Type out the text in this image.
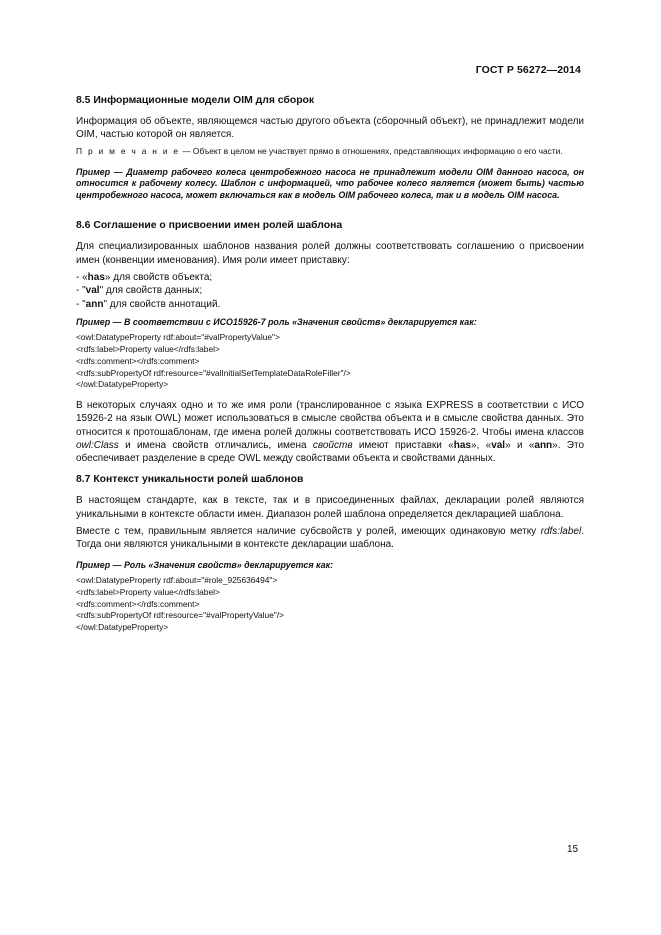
ГОСТ Р 56272—2014
8.5 Информационные модели OIM для сборок

Информация об объекте, являющемся частью другого объекта (сборочный объект), не принадлежит модели OIM, частью которой он является.

П р и м е ч а н и е — Объект в целом не участвует прямо в отношениях, представляющих информацию о его части.
Пример — Диаметр рабочего колеса центробежного насоса не принадлежит модели OIM данного насоса, он относится к рабочему колесу. Шаблон с информацией, что рабочее колесо является (может быть) частью центробежного насоса, может включаться как в модель OIM рабочего колеса, так и в модель OIM насоса.
8.6 Соглашение о присвоении имен ролей шаблона

Для специализированных шаблонов названия ролей должны соответствовать соглашению о присвоении имен (конвенции именования). Имя роли имеет приставку:

- «has» для свойств объекта;
- "val" для свойств данных;
- "ann" для свойств аннотаций.
Пример — В соответствии с ИСО15926-7 роль «Значения свойств» декларируется как:
<owl:DatatypeProperty rdf:about="#valPropertyValue">
<rdfs:label>Property value</rdfs:label>
<rdfs:comment></rdfs:comment>
<rdfs:subPropertyOf rdf:resource="#valInitialSetTemplateDataRoleFiller"/>
</owl:DatatypeProperty>

В некоторых случаях одно и то же имя роли (транслированное с языка EXPRESS в соответствии с ИСО 15926-2 на язык OWL) может использоваться в смысле свойства объекта и в смысле свойства данных. Это относится к протошаблонам, где имена ролей должны соответствовать ИСО 15926-2. Чтобы имена классов owl:Class и имена свойств отличались, имена свойств имеют приставки «has», «val» и «ann». Это обеспечивает разделение в среде OWL между свойствами объекта и свойствами данных.

8.7 Контекст уникальности ролей шаблонов

В настоящем стандарте, как в тексте, так и в присоединенных файлах, декларации ролей являются уникальными в контексте области имен. Диапазон ролей шаблона определяется декларацией шаблона.

Вместе с тем, правильным является наличие субсвойств у ролей, имеющих одинаковую метку rdfs:label. Тогда они являются уникальными в контексте декларации шаблона.

Пример — Роль «Значения свойств» декларируется как:
<owl:DatatypeProperty rdf:about="#role_925636494">
<rdfs:label>Property value</rdfs:label>
<rdfs:comment></rdfs:comment>
<rdfs:subPropertyOf rdf:resource="#valPropertyValue"/>
</owl:DatatypeProperty>
15
